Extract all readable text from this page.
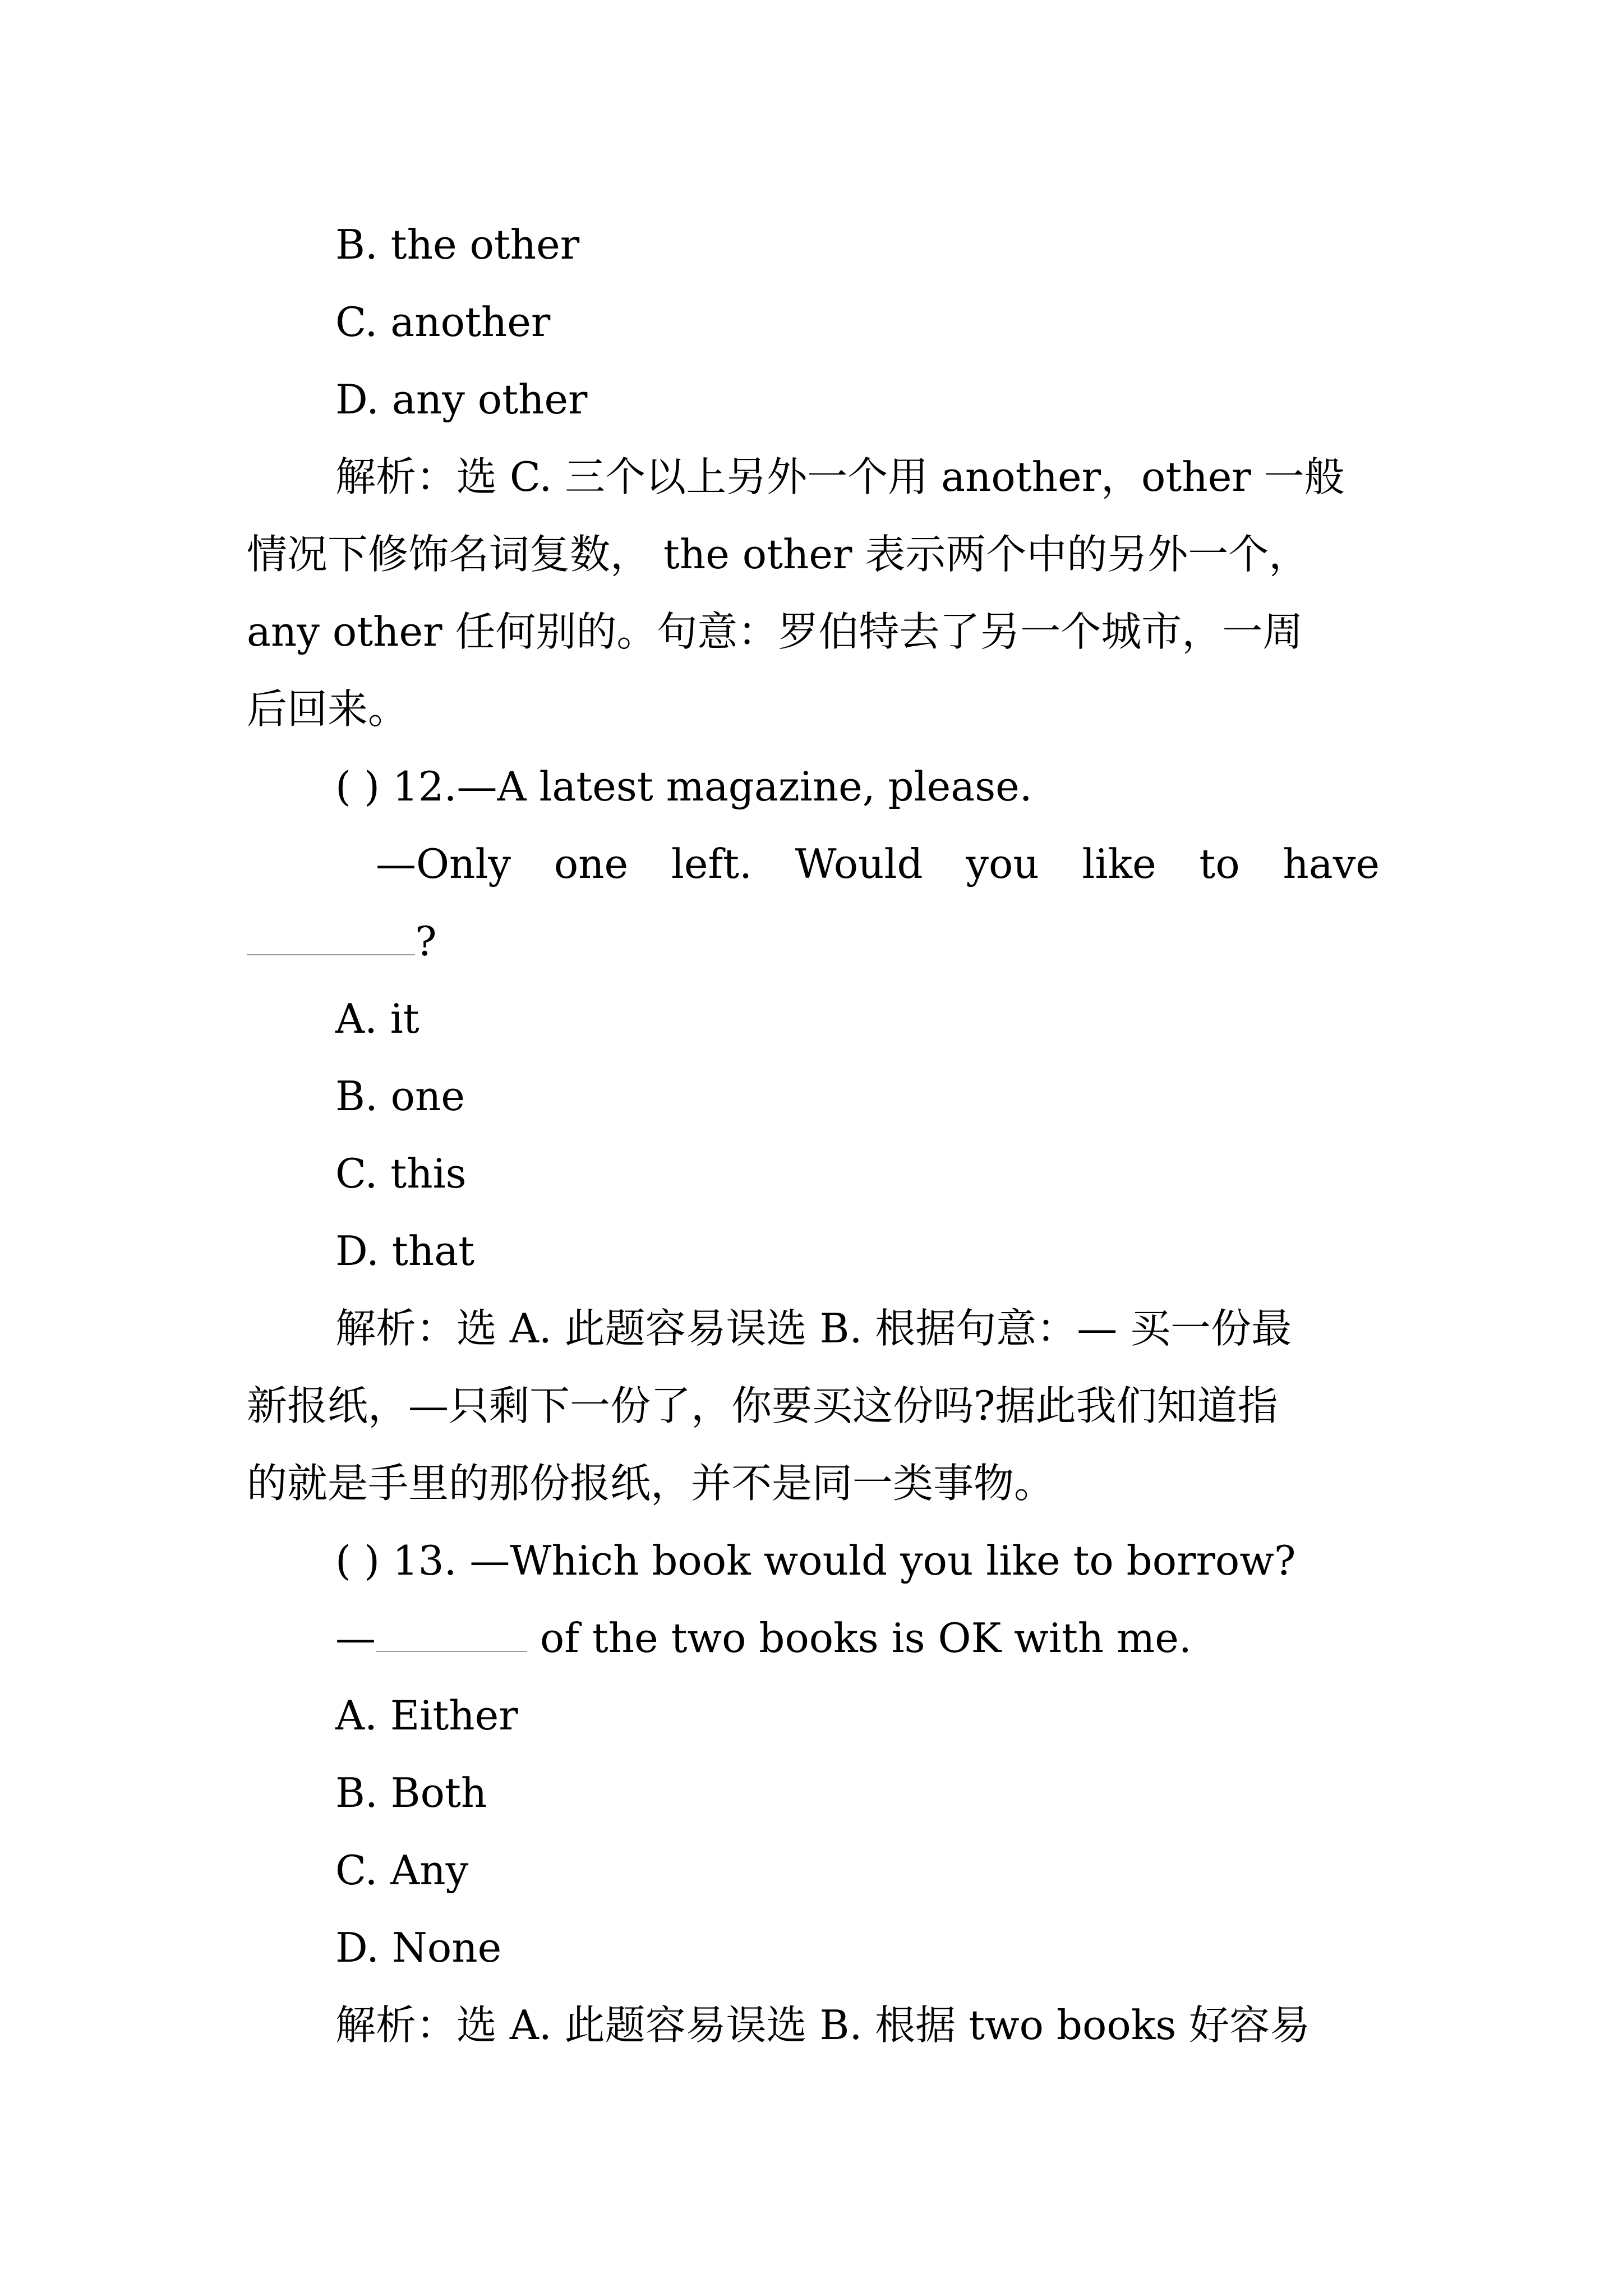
B. the other
C. another
D. any other
解析：选 C. 三个以上另外一个用 another，other 一般
情况下修饰名词复数， the other 表示两个中的另外一个，
any other 任何别的。句意：罗伯特去了另一个城市，一周
后回来。
( ) 12.—A latest magazine, please.
—Only one left. Would you like to have
?
A. it
B. one
C. this
D. that
解析：选 A. 此题容易误选 B. 根据句意：— 买一份最
新报纸，—只剩下一份了，你要买这份吗?据此我们知道指
的就是手里的那份报纸，并不是同一类事物。
( ) 13. —Which book would you like to borrow?
—	of the two books is OK with me.
A. Either
B. Both
C. Any
D. None
解析：选 A. 此题容易误选 B. 根据 two books 好容易
